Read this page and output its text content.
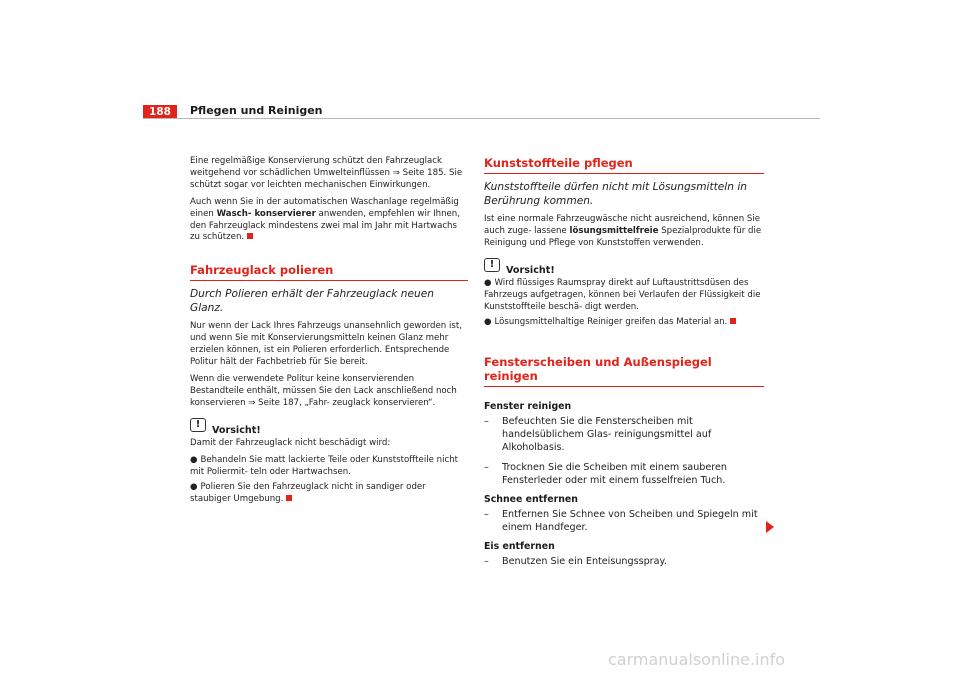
188	Pflegen und Reinigen

Eine regelmäßige Konservierung schützt den Fahrzeuglack weitgehend vor schädlichen Umwelteinflüssen ⇒ Seite 185. Sie schützt sogar vor leichten mechanischen Einwirkungen.

Auch wenn Sie in der automatischen Waschanlage regelmäßig einen Wasch- konservierer anwenden, empfehlen wir Ihnen, den Fahrzeuglack mindestens zwei mal im Jahr mit Hartwachs zu schützen.

Fahrzeuglack polieren
Durch Polieren erhält der Fahrzeuglack neuen Glanz.

Nur wenn der Lack Ihres Fahrzeugs unansehnlich geworden ist, und wenn Sie mit Konservierungsmitteln keinen Glanz mehr erzielen können, ist ein Polieren erforderlich. Entsprechende Politur hält der Fachbetrieb für Sie bereit.

Wenn die verwendete Politur keine konservierenden Bestandteile enthält, müssen Sie den Lack anschließend noch konservieren ⇒ Seite 187, „Fahr- zeuglack konservieren“.

!
Vorsicht!

Damit der Fahrzeuglack nicht beschädigt wird:

● Behandeln Sie matt lackierte Teile oder Kunststoffteile nicht mit Poliermit- teln oder Hartwachsen.

● Polieren Sie den Fahrzeuglack nicht in sandiger oder staubiger Umgebung.

Kunststoffteile pflegen
Kunststoffteile dürfen nicht mit Lösungsmitteln in Berührung kommen.

Ist eine normale Fahrzeugwäsche nicht ausreichend, können Sie auch zuge- lassene lösungsmittelfreie Spezialprodukte für die Reinigung und Pflege von Kunststoffen verwenden.

!
Vorsicht!

● Wird flüssiges Raumspray direkt auf Luftaustrittsdüsen des Fahrzeugs aufgetragen, können bei Verlaufen der Flüssigkeit die Kunststoffteile beschä- digt werden.

● Lösungsmittelhaltige Reiniger greifen das Material an.

Fensterscheiben und Außenspiegel reinigen
Fenster reinigen
–	Befeuchten Sie die Fensterscheiben mit handelsüblichem Glas- reinigungsmittel auf Alkoholbasis.
–	Trocknen Sie die Scheiben mit einem sauberen Fensterleder oder mit einem fusselfreien Tuch.
Schnee entfernen
–	Entfernen Sie Schnee von Scheiben und Spiegeln mit einem Handfeger.
Eis entfernen
–	Benutzen Sie ein Enteisungsspray.
carmanualsonline.info
